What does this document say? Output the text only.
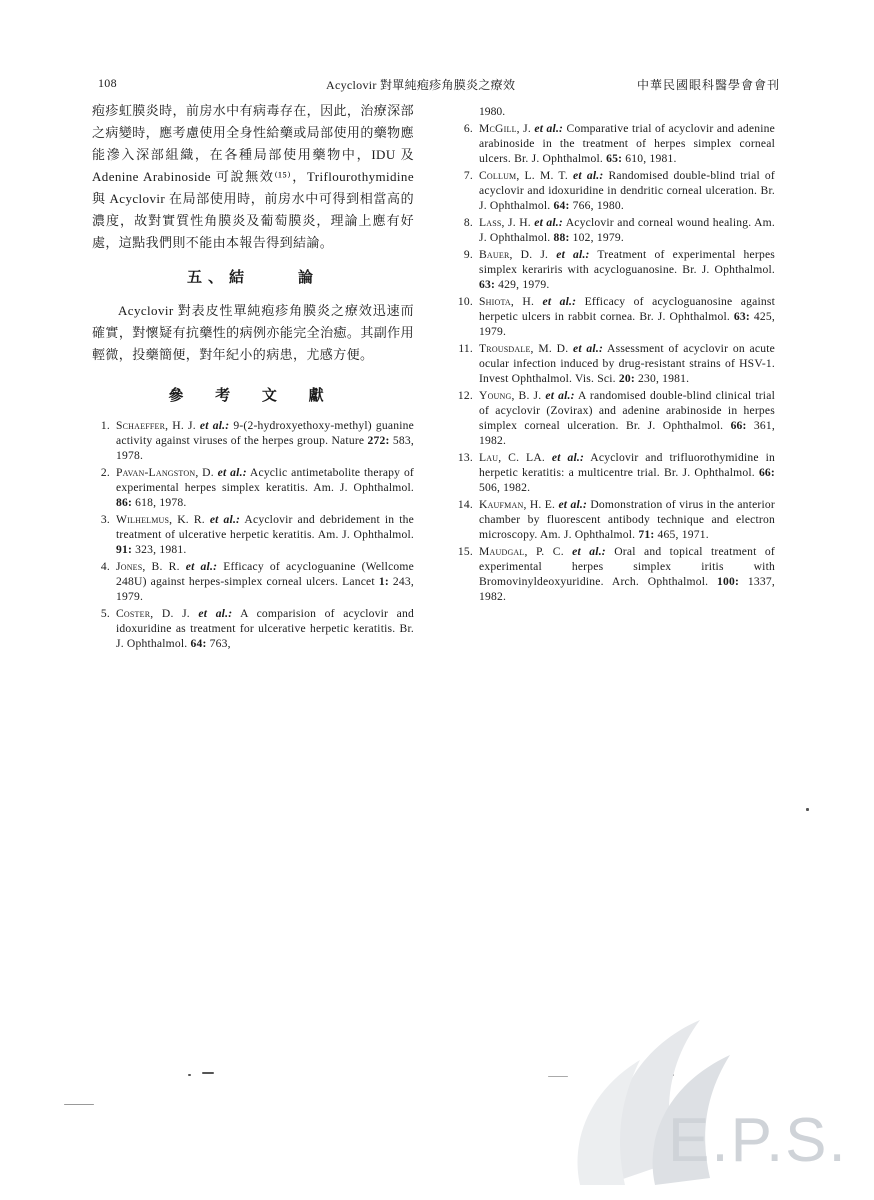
108	Acyclovir 對單純疱疹角膜炎之療效	中華民國眼科醫學會會刊

疱疹虹膜炎時，前房水中有病毒存在，因此，治療深部之病變時，應考慮使用全身性給藥或局部使用的藥物應能滲入深部組織，在各種局部使用藥物中，IDU 及 Adenine Arabinoside 可說無效⁽¹⁵⁾，Triflourothymidine 與 Acyclovir 在局部使用時，前房水中可得到相當高的濃度，故對實質性角膜炎及葡萄膜炎，理論上應有好處，這點我們則不能由本報告得到結論。

五、結	論

Acyclovir 對表皮性單純疱疹角膜炎之療效迅速而確實，對懷疑有抗藥性的病例亦能完全治癒。其副作用輕微，投藥簡便，對年紀小的病患，尤感方便。

參 考 文 獻
1. Schaeffer, H. J. et al.: 9-(2-hydroxyethoxy-methyl) guanine activity against viruses of the herpes group. Nature 272: 583, 1978.
2. Pavan-Langston, D. et al.: Acyclic antimetabolite therapy of experimental herpes simplex keratitis. Am. J. Ophthalmol. 86: 618, 1978.
3. Wilhelmus, K. R. et al.: Acyclovir and debridement in the treatment of ulcerative herpetic keratitis. Am. J. Ophthalmol. 91: 323, 1981.
4. Jones, B. R. et al.: Efficacy of acycloguanine (Wellcome 248U) against herpes-simplex corneal ulcers. Lancet 1: 243, 1979.
5. Coster, D. J. et al.: A comparision of acyclovir and idoxuridine as treatment for ulcerative herpetic keratitis. Br. J. Ophthalmol. 64: 763,
1980.
6. McGill, J. et al.: Comparative trial of acyclovir and adenine arabinoside in the treatment of herpes simplex corneal ulcers. Br. J. Ophthalmol. 65: 610, 1981.
7. Collum, L. M. T. et al.: Randomised double-blind trial of acyclovir and idoxuridine in dendritic corneal ulceration. Br. J. Ophthalmol. 64: 766, 1980.
8. Lass, J. H. et al.: Acyclovir and corneal wound healing. Am. J. Ophthalmol. 88: 102, 1979.
9. Bauer, D. J. et al.: Treatment of experimental herpes simplex kerariris with acycloguanosine. Br. J. Ophthalmol. 63: 429, 1979.
10. Shiota, H. et al.: Efficacy of acycloguanosine against herpetic ulcers in rabbit cornea. Br. J. Ophthalmol. 63: 425, 1979.
11. Trousdale, M. D. et al.: Assessment of acyclovir on acute ocular infection induced by drug-resistant strains of HSV-1. Invest Ophthalmol. Vis. Sci. 20: 230, 1981.
12. Young, B. J. et al.: A randomised double-blind clinical trial of acyclovir (Zovirax) and adenine arabinoside in herpes simplex corneal ulceration. Br. J. Ophthalmol. 66: 361, 1982.
13. Lau, C. LA. et al.: Acyclovir and trifluorothymidine in herpetic keratitis: a multicentre trial. Br. J. Ophthalmol. 66: 506, 1982.
14. Kaufman, H. E. et al.: Domonstration of virus in the anterior chamber by fluorescent antibody technique and electron microscopy. Am. J. Ophthalmol. 71: 465, 1971.
15. Maudgal, P. C. et al.: Oral and topical treatment of experimental herpes simplex iritis with Bromovinyldeoxyuridine. Arch. Ophthalmol. 100: 1337, 1982.
E.P.S.
